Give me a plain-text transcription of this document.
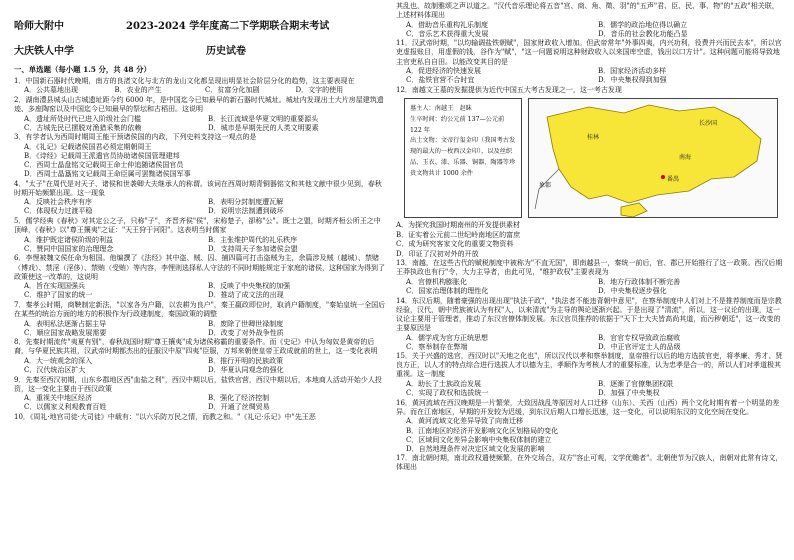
哈师大附中	2023-2024 学年度高二下学期联合期末考试
大庆铁人中学	历史试卷
一、单选题（每小题 1.5 分，共 48 分）

1．中国新石器时代晚期，南方的良渚文化与北方的龙山文化都呈现出明显社会阶层分化的趋势，这主要表现在

A．公共墓地出现	B．农业的产生	C．贫富分化加剧	D．文字的使用

2．湖南澧县城头山古城遗址距今约 6000 年，是中国迄今已知最早的新石器时代城址。城址内发现出土大片房屋建筑遗迹、多座陶窑以及中国迄今已知最早的祭坛和古稻田。这说明

A．遗址所处时代已进入阶级社会门槛	B．长江流域是华夏文明的重要源头
C．古城先民已摆脱对渔猎采集的依赖	D．城市是早期先民的人类文明要素

3．有学者认为西周时期周王能干预诸侯国的内政，下列史料支持这一观点的是

A．《礼记》记载诸侯国君必须定期朝周王
B．《诗经》记载周王派遣官员协助诸侯国管理建邦
C．西周士晶盘铭文记载周王命士仲追随诸侯国官员
D．西周士晶簋铭文记载周王命臣属可罢黜诸侯国军事

4．"太子"在周代是对天子、诸侯和世袭卿大夫继承人的称谓。该词在西周时期青铜器铭文和其他文献中很少见到，春秋时期开始频繁出现。这一现象

A．反映社会秩序有序	B．表明分封制度遭瓦解
C．体现权力过渡平稳	D．说明宗法制遭到破坏

5．儒学经典《春秋》对其定公之子，只称"子"，齐晋齐侯"侯"，宋称楚子，卻称"公"。既士之盟，时期齐桓公所王之中顶峰，《春秋》以"尊王攘夷"之证："天王狩于河阳"。这表明当时儒家

A．维护既定诸侯阶级的利益	B．主张维护周代的礼乐秩序
C．赞同中国国家的治理理念	D．支持周天子参加诸侯会盟

6．李悝被魏文侯任命为相国。他编撰了《法经》其中盗、贼、囚、捕四篇可打击盗贼为主，余篇涉及贼（越城）、禁赌（博戏）、禁淫（淫侈）、禁贿（受贿）等内容，李悝则选择私人守法的不同时期能规定于家庭的诸侯，这种国家为得到了政策使这一改革的，这说明

A．旨在实现国强兵	B．反映了中央集权的加强
C．维护了国家的统一	D．推动了成文法的出现

7．秦孝公时期，商鞅制定新法，"以家各为户籍，以农耕为良户"，秦王嬴政即位时，取消户籍制度，"秦始皇统一全国后在某些的统治方面的地方的积极作为行政建制度，秦国政策的调整

A．表明私法逐渐占据主导	B．废除了世卿世禄制度
C．顺应国家战略发展需要	D．改变了对外战争性质

8．先秦时期流传"夷夏有别"，春秋战国时期"尊王攘夷"成为诸侯称霸的重要条件。而《史记》中认为匈奴是黄帝的后裔，与华夏民族共祖，汉武帝时期都杰出的征服汉中原"四夷"臣服，万邦来朝使皇帝王政成就前的世上，这一变化表明

A．大一统观念的深入	B．推行开明的民族政策
C．汉代统治区扩大	D．华夏认同观念的强化

9．先秦至西汉初期，山东乡郡地区西"血盐之利"，西汉中期以后，盐铁官营，西汉中期以后，本地商人活动开始少人投资，这一变化主要由于西汉政策

A．重视关中地区经济	B．强化了经济控制
C．以儒家义利观教育百姓	D．开通了丝绸贸易

10．《周礼·地官司徒·大司徒》中载有："以六乐防万民之情，而教之和。"《礼记·乐记》中"先王恶

其乱也，故制雅颂之声以道之。"汉代音乐理论将五音"宫、商、角、徵、羽"的"五声"君、臣、民、事、物"的"五政"相关联，上述材料体现出

A．借助音乐重构礼乐制度	B．儒学的政治地位得以确立
C．音乐艺术获得重大发展	D．音乐的社会教化功能凸显

11．汉武帝时期，"以均输调盐铁朝赋"，国家财政收入增加。但武帝常年"外事四夷，内兴功利，役费并兴而民去本"，所以官吏虚报账目，用虚假的钱，谷作为"赋"，"这一问题说明这种财政收入以来国库空虚，钱出以口方计"。这种问题可能将导致地主官吏私自自田。以能改变其目的是

A．促进经济的快速发展	B．国家经济活动多样
C．盐铁官营不合时宜	D．中央集权得到加强

12．南越文王墓的发掘提供为近代中国五大考古发现之一，这一考古发现

墓主人：南越王　赵眛
生卒时间：约公元前 137—公元前 122 年
出土文物：文帝行玺金印（我国考古发现的最大的一枚西汉金印），以及丝织品、玉衣、漆、乐器、铜器、陶器等珍贵文物共计 1000 余件
桂林
长沙国
南海
象郡
番禺

A．为探究我国时期南州的开发提供素材

B．证实着公元前二世纪岭南地区的富庶

C．成为研究客家文化的重要文物资料

D．印证了汉初对外的开放

13．南越，在这些古代的赋税制度中被称为"不直无国"，即南越县一，秦统一前后，官、郡已开始推行了这一政策。西汉后期王莽执政也有行"令，大力主导者，由此可见，"维护政权"主要表现为

A．官僚机构膨胀化	B．地方行政体制不断完善
C．国家治理体制的理性化	D．中央集权逐步强化

14．东汉后期，随着豪强的出现出现"执法干政"，"执法者不能违背朝中意见"，在察举制度中人们对上不是推荐制度而是宗教经验，汉代，朝中贵族被认为有权"人，以来清流"为主导的舆论逐渐兴起。于是出现了"清流"，所以，这一议论的出现，这一议论主要用于管理者，推动了东汉官僚体制发展。东汉官员推荐的依据于"天下士大夫皆高尚其道，而污秽朝廷"，这一改变的主要原因是

A．儒学成为官方正统思想	B．官官专权导致政治腐败
C．察举制存在弊端	D．中正官评定士人的品级

15．关于兴盛的选官，西汉时以"天地之化也"，所以汉代以孝和察举制度，皇帝推行以后的地方选拔官吏，将孝廉、秀才、贤良方正，以人才的特点综合进行选拔人才以德为主，孝顺作为考核人才的重要标准，认为忠孝是合一的，所以人们对孝道极其重视。这一制度

A．助长了士族政治发展	B．逐渐了官僚集团权限
C．实现了政权和选拔统一	D．加强了中央集权

16．黄河流域在西汉晚期是一片繁荣，大致因战乱等原因对人口迁移（山东）、关西（山西）两个文化时期有着一个明显的差异。而在江南地区，早期的开发较为迟缓，到东汉后期人口增长迅速，这一变化，可以说明东汉的文化空间在变化。

A．黄河流域文化差异导致了向南迁移
B．江南地区的经济开发影响文化区划格局的变化
C．区域间文化差异会影响中央集权体制的建立
D．自然地理条件对决定区域文化发展的影响

17．南北朝时期，南北政权遣使频繁，在外交场合，双方"容止可观，文学优赡者"。北朝使节为汉族人，南朝对此常有诗文，体现出
